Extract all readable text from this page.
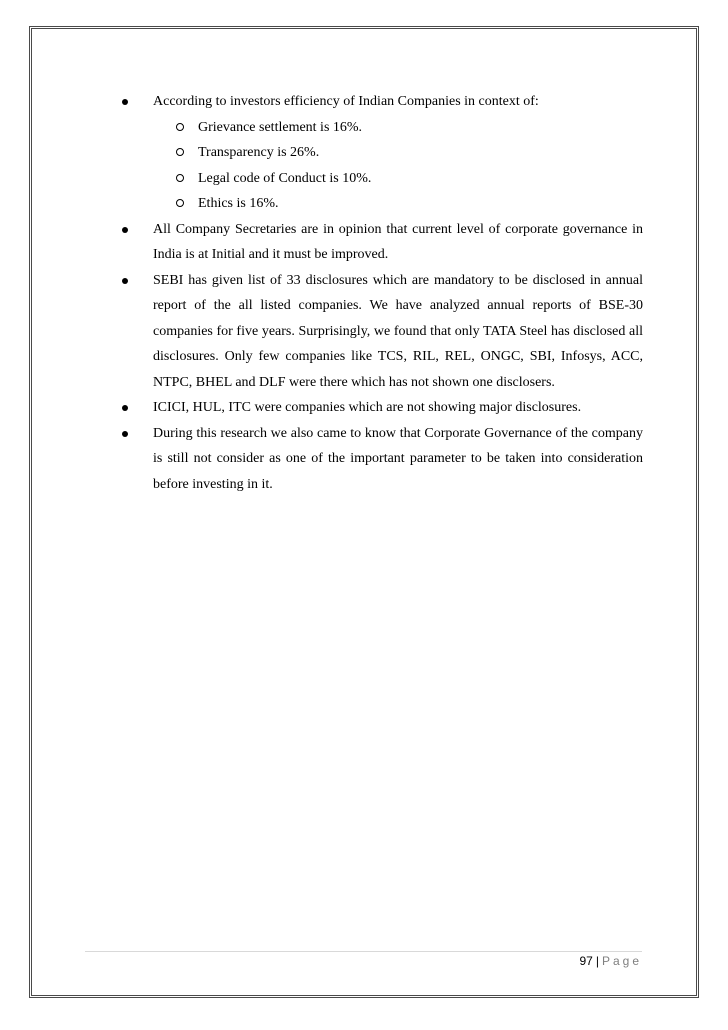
According to investors efficiency of Indian Companies in context of:
Grievance settlement is 16%.
Transparency is 26%.
Legal code of Conduct is 10%.
Ethics is 16%.
All Company Secretaries are in opinion that current level of corporate governance in India is at Initial and it must be improved.
SEBI has given list of 33 disclosures which are mandatory to be disclosed in annual report of the all listed companies. We have analyzed annual reports of BSE-30 companies for five years. Surprisingly, we found that only TATA Steel has disclosed all disclosures. Only few companies like TCS, RIL, REL, ONGC, SBI, Infosys, ACC, NTPC, BHEL and DLF were there which has not shown one disclosers.
ICICI, HUL, ITC were companies which are not showing major disclosures.
During this research we also came to know that Corporate Governance of the company is still not consider as one of the important parameter to be taken into consideration before investing in it.
97 | Page
